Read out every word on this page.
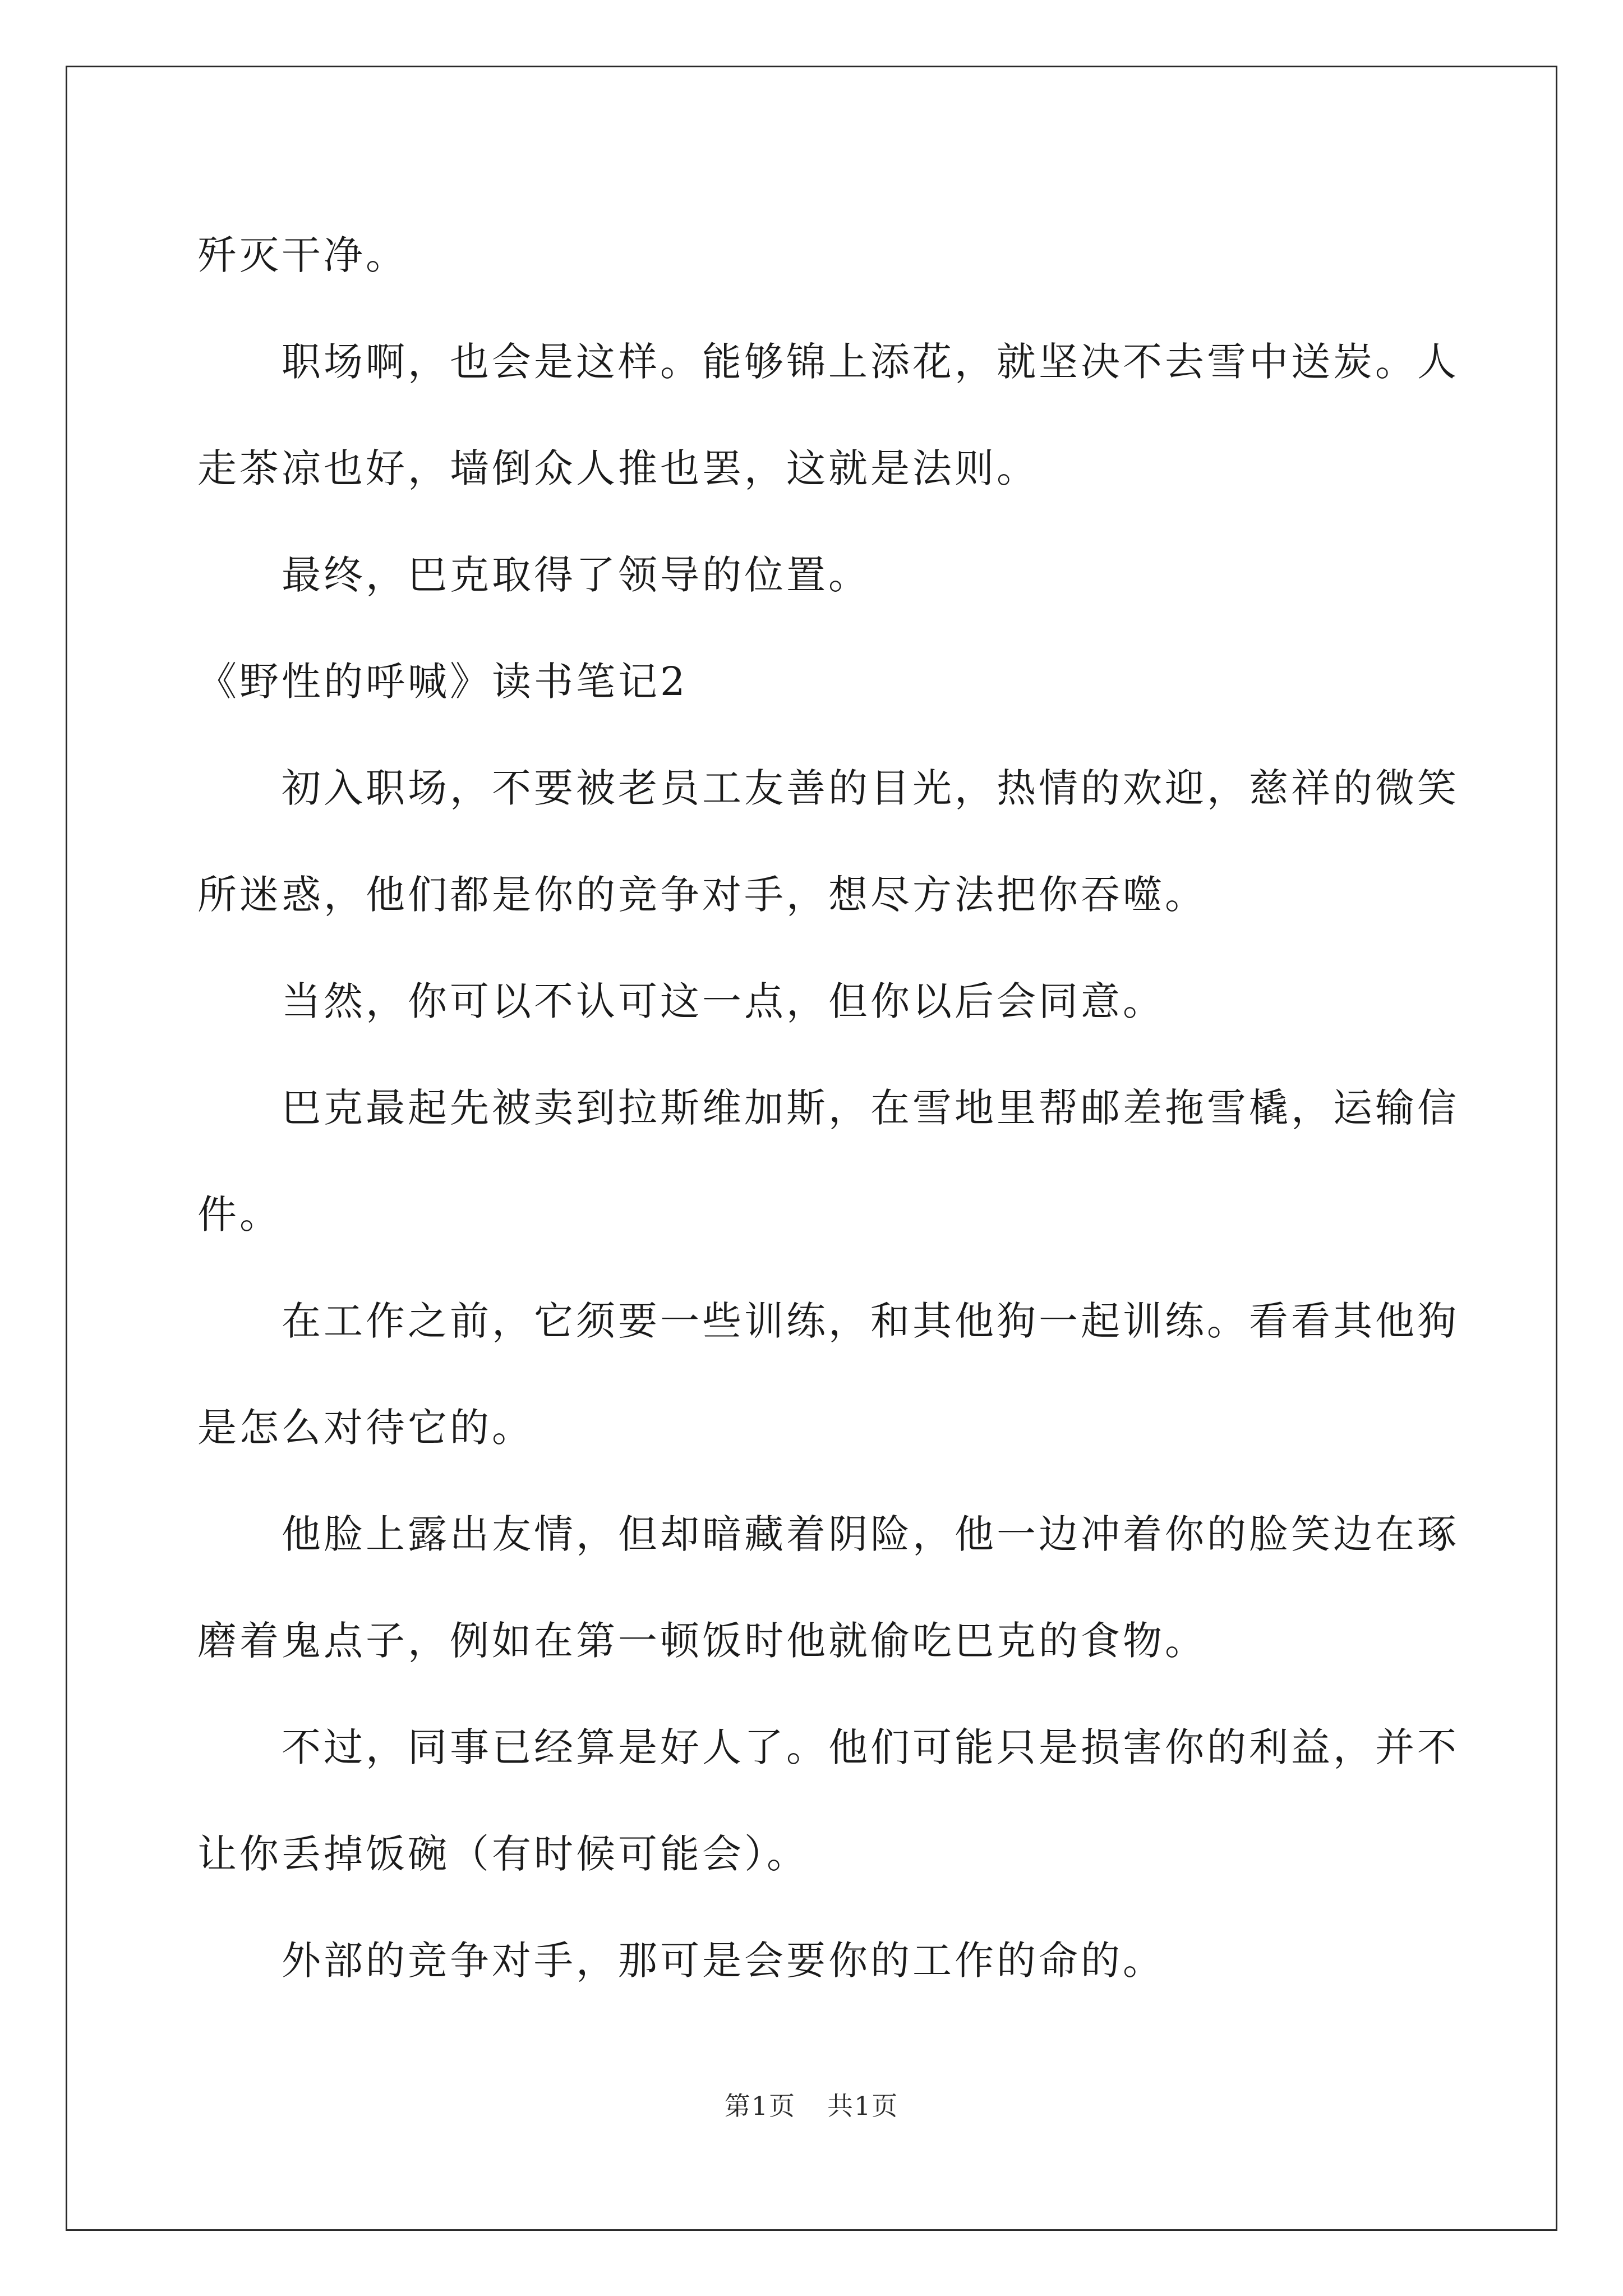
歼灭干净。

职场啊，也会是这样。能够锦上添花，就坚决不去雪中送炭。人

走茶凉也好，墙倒众人推也罢，这就是法则。

最终，巴克取得了领导的位置。

《野性的呼喊》读书笔记2

初入职场，不要被老员工友善的目光，热情的欢迎，慈祥的微笑

所迷惑，他们都是你的竞争对手，想尽方法把你吞噬。

当然，你可以不认可这一点，但你以后会同意。

巴克最起先被卖到拉斯维加斯，在雪地里帮邮差拖雪橇，运输信

件。

在工作之前，它须要一些训练，和其他狗一起训练。看看其他狗

是怎么对待它的。

他脸上露出友情，但却暗藏着阴险，他一边冲着你的脸笑边在琢

磨着鬼点子，例如在第一顿饭时他就偷吃巴克的食物。

不过，同事已经算是好人了。他们可能只是损害你的利益，并不

让你丢掉饭碗（有时候可能会）。

外部的竞争对手，那可是会要你的工作的命的。

第1页 共1页
